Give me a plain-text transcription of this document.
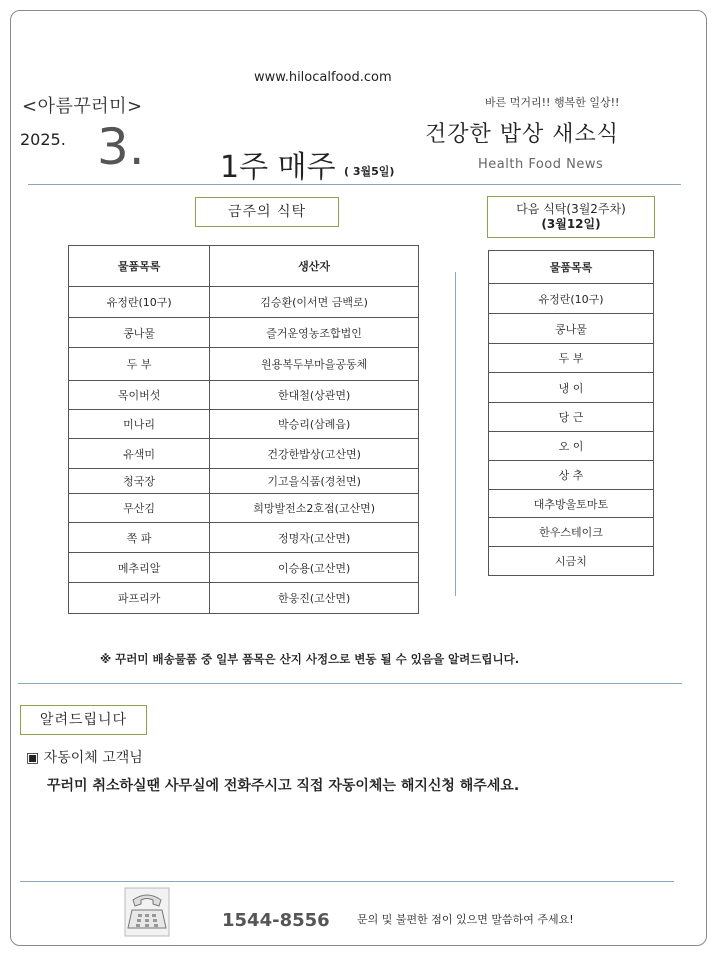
www.hilocalfood.com
<아름꾸러미>	바른 먹거리!! 행복한 일상!!
2025. 3.	건강한 밥상 새소식
Health Food News
1주 매주 ( 3월5일)
금주의 식탁	다음 식탁(3월2주차)
(3월12일)
물품목록	생산자
유정란(10구)	김승환(이서면 금백로)
콩나물	즐거운영농조합법인
두 부	원용복두부마을공동체
목이버섯	한대철(상관면)
미나리	박승리(삼례읍)
유색미	건강한밥상(고산면)
청국장	기고을식품(경천면)
무산김	희망발전소2호점(고산면)
쪽 파	정명자(고산면)
메추리알	이승용(고산면)
파프리카	한웅진(고산면)
물품목록
유정란(10구)
콩나물
두 부
냉 이
당 근
오 이
상 추
대추방울토마토
한우스테이크
시금치
※ 꾸러미 배송물품 중 일부 품목은 산지 사정으로 변동 될 수 있음을 알려드립니다.
알려드립니다
▣ 자동이체 고객님
꾸러미 취소하실땐 사무실에 전화주시고 직접 자동이체는 해지신청 해주세요.
1544-8556 문의 및 불편한 점이 있으면 말씀하여 주세요!
